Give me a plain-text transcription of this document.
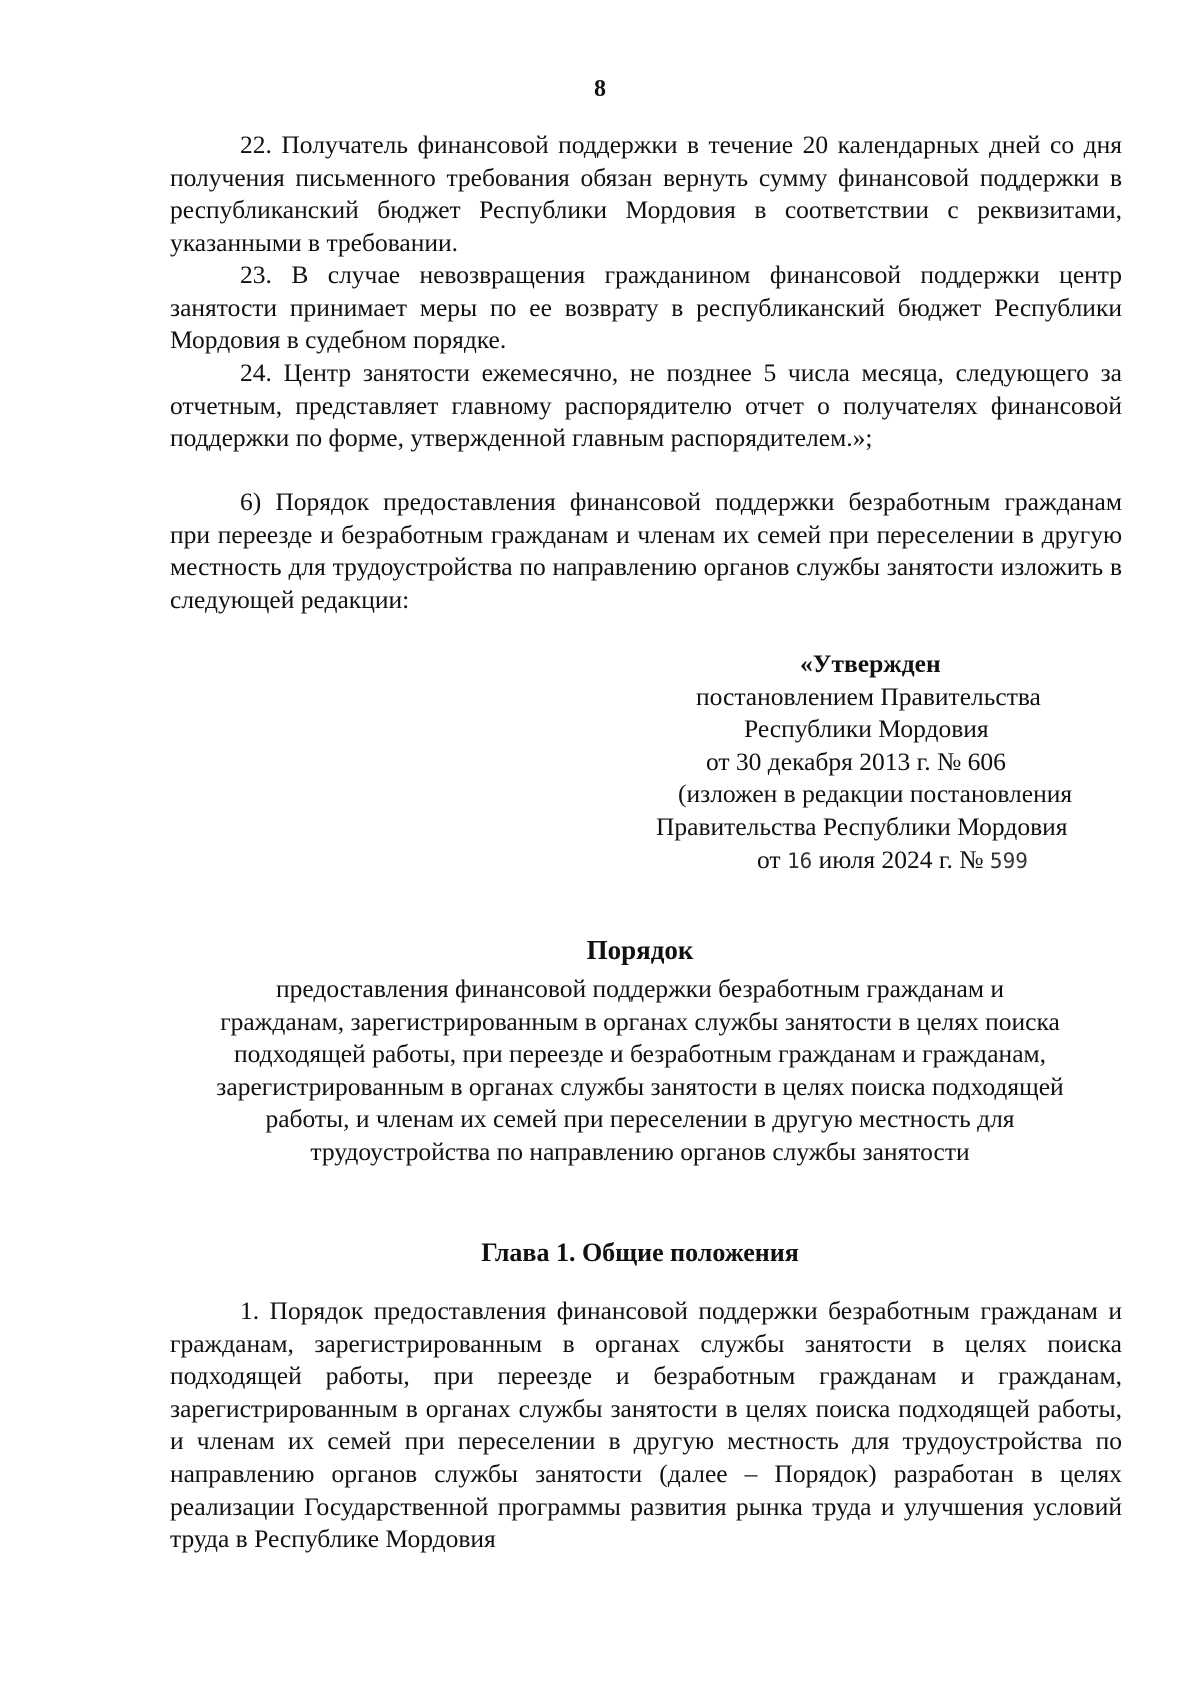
8
22. Получатель финансовой поддержки в течение 20 календарных дней со дня получения письменного требования обязан вернуть сумму финансовой поддержки в республиканский бюджет Республики Мордовия в соответствии с реквизитами, указанными в требовании.
23. В случае невозвращения гражданином финансовой поддержки центр занятости принимает меры по ее возврату в республиканский бюджет Республики Мордовия в судебном порядке.
24. Центр занятости ежемесячно, не позднее 5 числа месяца, следующего за отчетным, представляет главному распорядителю отчет о получателях финансовой поддержки по форме, утвержденной главным распорядителем.»;
6) Порядок предоставления финансовой поддержки безработным гражданам при переезде и безработным гражданам и членам их семей при переселении в другую местность для трудоустройства по направлению органов службы занятости изложить в следующей редакции:
«Утвержден
постановлением Правительства
Республики Мордовия
от 30 декабря 2013 г. № 606
(изложен в редакции постановления
Правительства Республики Мордовия
от 16 июля 2024 г. № 599
Порядок
предоставления финансовой поддержки безработным гражданам и
гражданам, зарегистрированным в органах службы занятости в целях поиска
подходящей работы, при переезде и безработным гражданам и гражданам,
зарегистрированным в органах службы занятости в целях поиска подходящей
работы, и членам их семей при переселении в другую местность для
трудоустройства по направлению органов службы занятости
Глава 1. Общие положения
1. Порядок предоставления финансовой поддержки безработным гражданам и гражданам, зарегистрированным в органах службы занятости в целях поиска подходящей работы, при переезде и безработным гражданам и гражданам, зарегистрированным в органах службы занятости в целях поиска подходящей работы, и членам их семей при переселении в другую местность для трудоустройства по направлению органов службы занятости (далее – Порядок) разработан в целях реализации Государственной программы развития рынка труда и улучшения условий труда в Республике Мордовия
